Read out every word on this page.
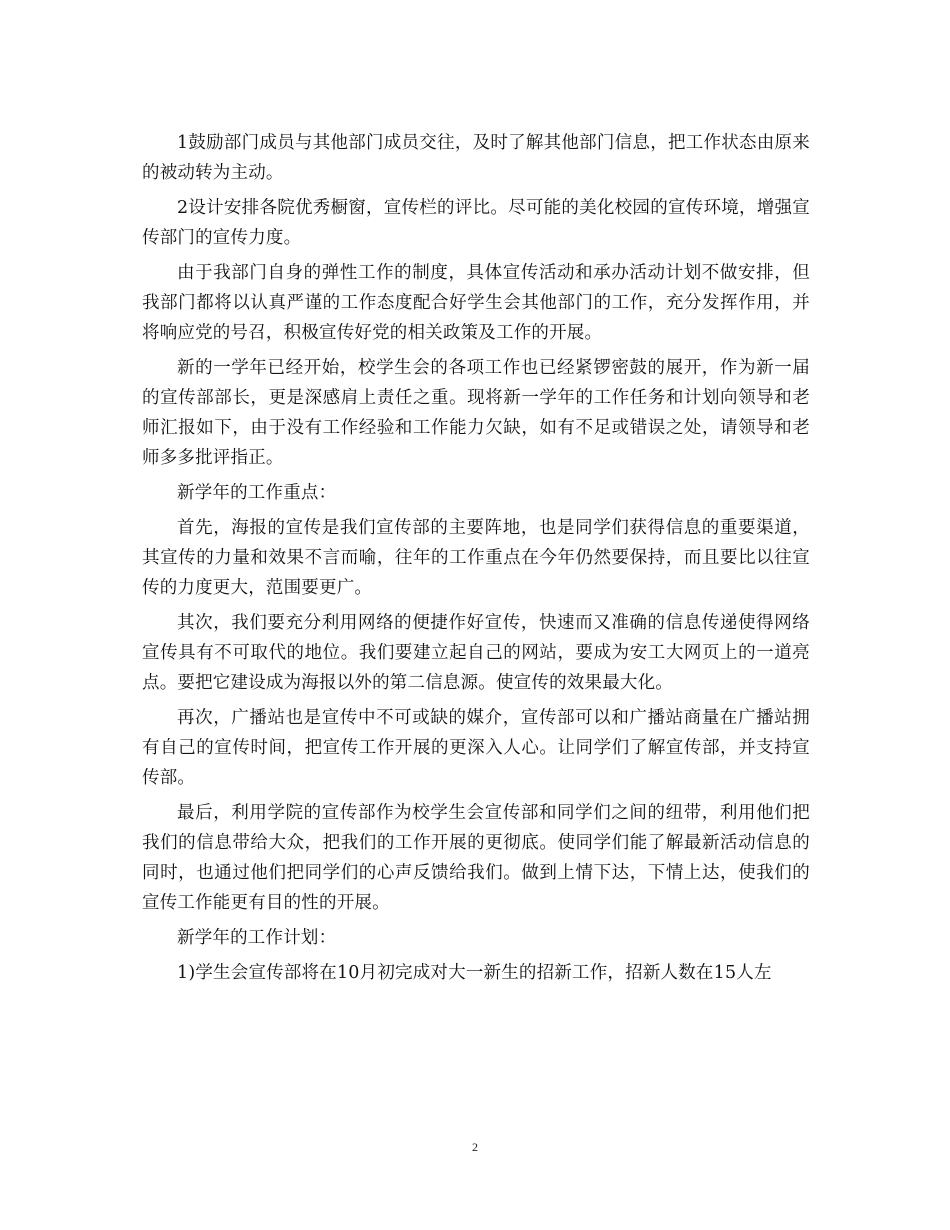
1鼓励部门成员与其他部门成员交往，及时了解其他部门信息，把工作状态由原来的被动转为主动。

2设计安排各院优秀橱窗，宣传栏的评比。尽可能的美化校园的宣传环境，增强宣传部门的宣传力度。

由于我部门自身的弹性工作的制度，具体宣传活动和承办活动计划不做安排，但我部门都将以认真严谨的工作态度配合好学生会其他部门的工作，充分发挥作用，并将响应党的号召，积极宣传好党的相关政策及工作的开展。

新的一学年已经开始，校学生会的各项工作也已经紧锣密鼓的展开，作为新一届的宣传部部长，更是深感肩上责任之重。现将新一学年的工作任务和计划向领导和老师汇报如下，由于没有工作经验和工作能力欠缺，如有不足或错误之处，请领导和老师多多批评指正。

新学年的工作重点：

首先，海报的宣传是我们宣传部的主要阵地，也是同学们获得信息的重要渠道，其宣传的力量和效果不言而喻，往年的工作重点在今年仍然要保持，而且要比以往宣传的力度更大，范围要更广。

其次，我们要充分利用网络的便捷作好宣传，快速而又准确的信息传递使得网络宣传具有不可取代的地位。我们要建立起自己的网站，要成为安工大网页上的一道亮点。要把它建设成为海报以外的第二信息源。使宣传的效果最大化。

再次，广播站也是宣传中不可或缺的媒介，宣传部可以和广播站商量在广播站拥有自己的宣传时间，把宣传工作开展的更深入人心。让同学们了解宣传部，并支持宣传部。

最后，利用学院的宣传部作为校学生会宣传部和同学们之间的纽带，利用他们把我们的信息带给大众，把我们的工作开展的更彻底。使同学们能了解最新活动信息的同时，也通过他们把同学们的心声反馈给我们。做到上情下达，下情上达，使我们的宣传工作能更有目的性的开展。

新学年的工作计划：

1)学生会宣传部将在10月初完成对大一新生的招新工作，招新人数在15人左

2
